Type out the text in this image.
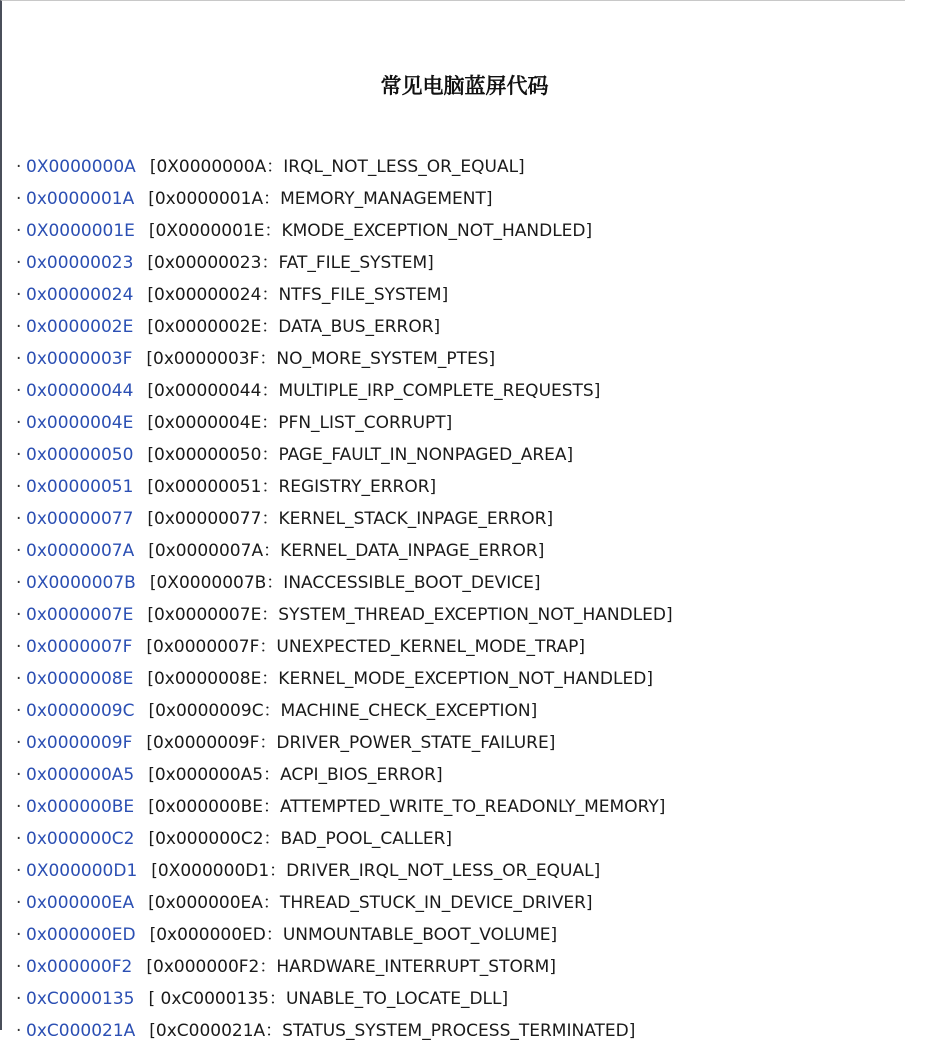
常见电脑蓝屏代码
· 0X0000000A [0X0000000A：IRQL_NOT_LESS_OR_EQUAL]
· 0x0000001A [0x0000001A：MEMORY_MANAGEMENT]
· 0X0000001E [0X0000001E：KMODE_EXCEPTION_NOT_HANDLED]
· 0x00000023 [0x00000023：FAT_FILE_SYSTEM]
· 0x00000024 [0x00000024：NTFS_FILE_SYSTEM]
· 0x0000002E [0x0000002E：DATA_BUS_ERROR]
· 0x0000003F [0x0000003F：NO_MORE_SYSTEM_PTES]
· 0x00000044 [0x00000044：MULTIPLE_IRP_COMPLETE_REQUESTS]
· 0x0000004E [0x0000004E：PFN_LIST_CORRUPT]
· 0x00000050 [0x00000050：PAGE_FAULT_IN_NONPAGED_AREA]
· 0x00000051 [0x00000051：REGISTRY_ERROR]
· 0x00000077 [0x00000077：KERNEL_STACK_INPAGE_ERROR]
· 0x0000007A [0x0000007A：KERNEL_DATA_INPAGE_ERROR]
· 0X0000007B [0X0000007B：INACCESSIBLE_BOOT_DEVICE]
· 0x0000007E [0x0000007E：SYSTEM_THREAD_EXCEPTION_NOT_HANDLED]
· 0x0000007F [0x0000007F：UNEXPECTED_KERNEL_MODE_TRAP]
· 0x0000008E [0x0000008E：KERNEL_MODE_EXCEPTION_NOT_HANDLED]
· 0x0000009C [0x0000009C：MACHINE_CHECK_EXCEPTION]
· 0x0000009F [0x0000009F：DRIVER_POWER_STATE_FAILURE]
· 0x000000A5 [0x000000A5：ACPI_BIOS_ERROR]
· 0x000000BE [0x000000BE：ATTEMPTED_WRITE_TO_READONLY_MEMORY]
· 0x000000C2 [0x000000C2：BAD_POOL_CALLER]
· 0X000000D1 [0X000000D1：DRIVER_IRQL_NOT_LESS_OR_EQUAL]
· 0x000000EA [0x000000EA：THREAD_STUCK_IN_DEVICE_DRIVER]
· 0x000000ED [0x000000ED：UNMOUNTABLE_BOOT_VOLUME]
· 0x000000F2 [0x000000F2：HARDWARE_INTERRUPT_STORM]
· 0xC0000135 [ 0xC0000135：UNABLE_TO_LOCATE_DLL]
· 0xC000021A [0xC000021A：STATUS_SYSTEM_PROCESS_TERMINATED]
